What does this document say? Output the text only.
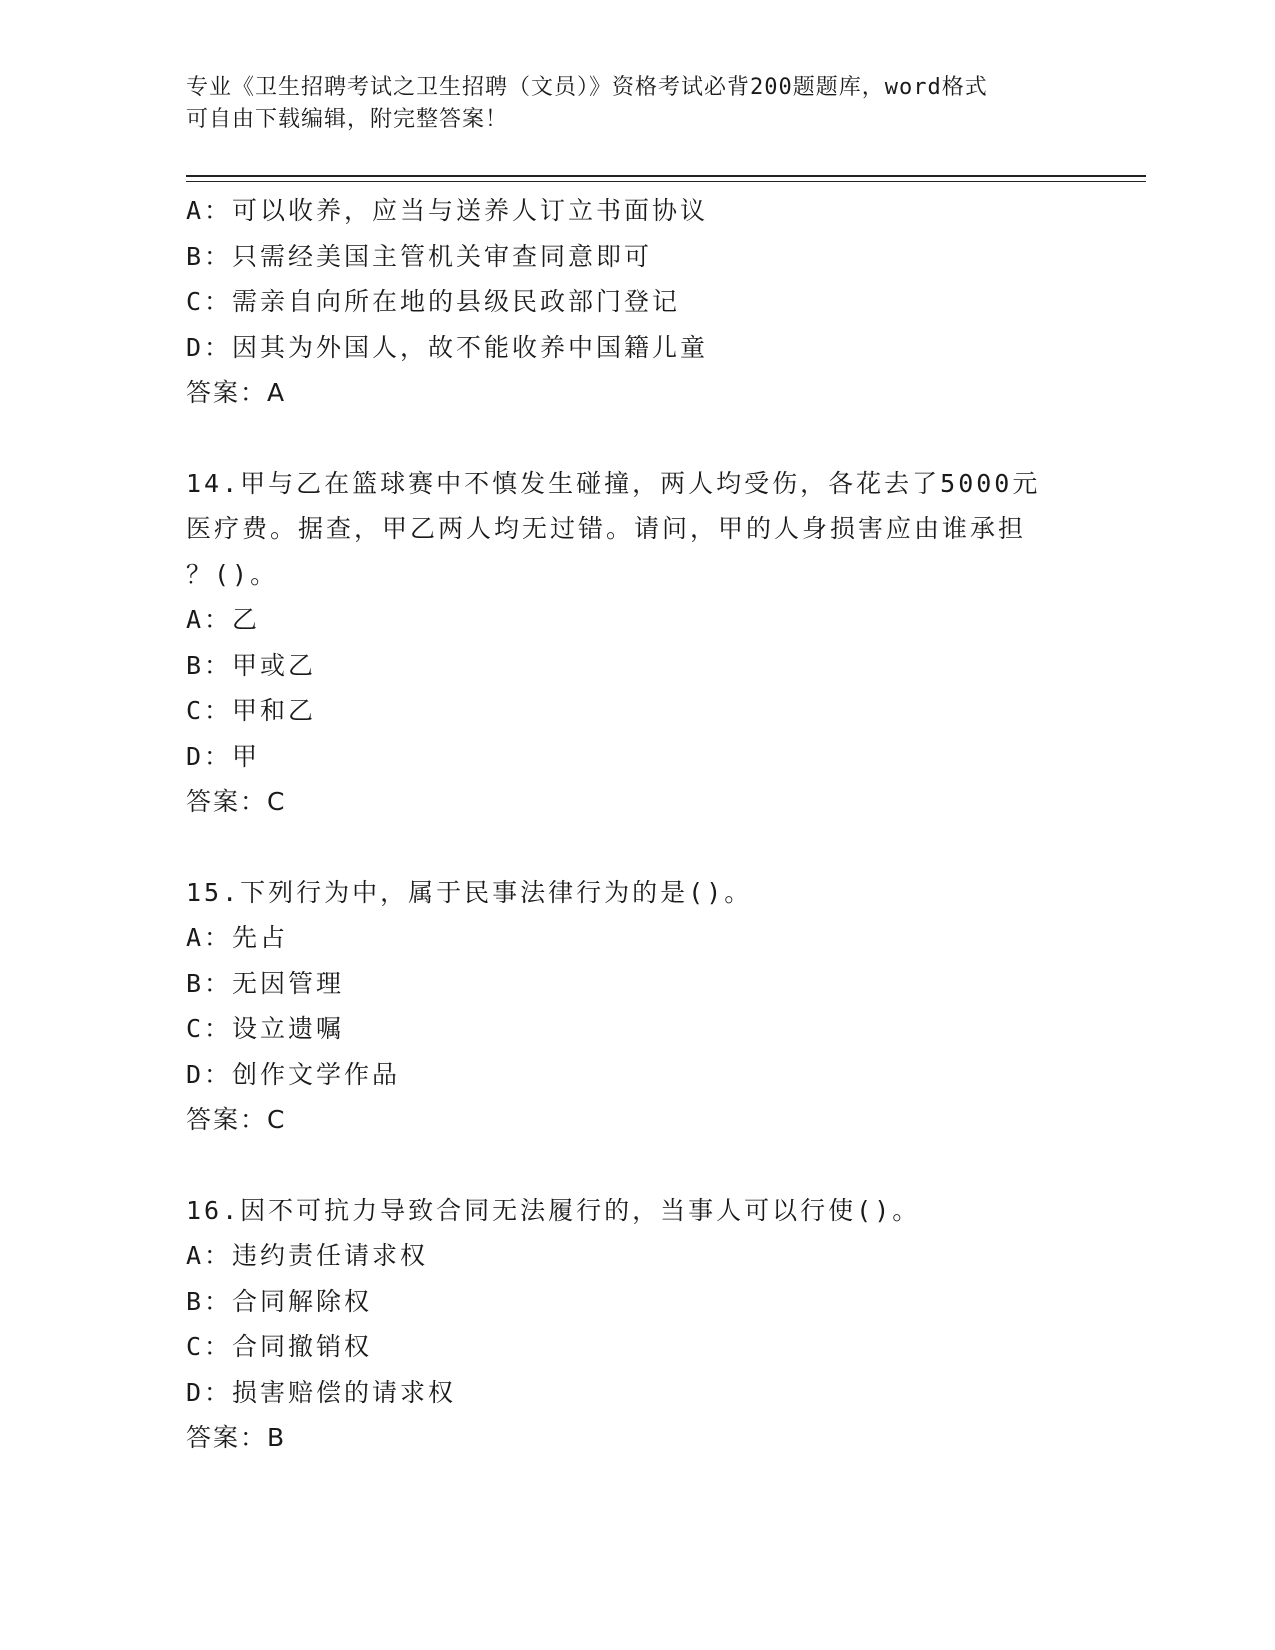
专业《卫生招聘考试之卫生招聘（文员）》资格考试必背200题题库，word格式
可自由下载编辑，附完整答案！
A：可以收养，应当与送养人订立书面协议
B：只需经美国主管机关审查同意即可
C：需亲自向所在地的县级民政部门登记
D：因其为外国人，故不能收养中国籍儿童
答案：A
14.甲与乙在篮球赛中不慎发生碰撞，两人均受伤，各花去了5000元
医疗费。据查，甲乙两人均无过错。请问，甲的人身损害应由谁承担
？()。
A：乙
B：甲或乙
C：甲和乙
D：甲
答案：C
15.下列行为中，属于民事法律行为的是()。
A：先占
B：无因管理
C：设立遗嘱
D：创作文学作品
答案：C
16.因不可抗力导致合同无法履行的，当事人可以行使()。
A：违约责任请求权
B：合同解除权
C：合同撤销权
D：损害赔偿的请求权
答案：B
